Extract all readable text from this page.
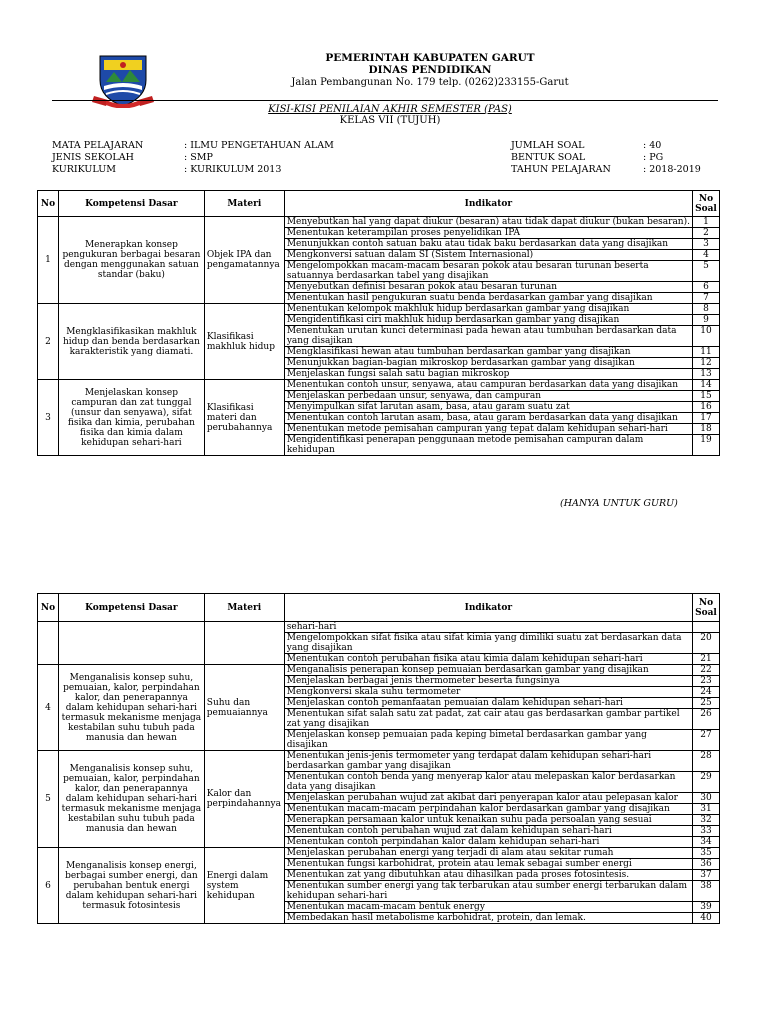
PEMERINTAH KABUPATEN GARUT
DINAS PENDIDIKAN
Jalan Pembangunan No. 179 telp. (0262)233155-Garut
KISI-KISI PENILAIAN AKHIR SEMESTER (PAS)
KELAS VII (TUJUH)
MATA PELAJARAN	: ILMU PENGETAHUAN ALAM
JENIS SEKOLAH	: SMP
KURIKULUM	: KURIKULUM 2013
JUMLAH SOAL	: 40
BENTUK SOAL	: PG
TAHUN PELAJARAN	: 2018-2019
No	Kompetensi Dasar	Materi	Indikator	No Soal
1	Menerapkan konsep pengukuran berbagai besaran dengan menggunakan satuan standar (baku)	Objek IPA dan pengamatannya	Menyebutkan hal yang dapat diukur (besaran) atau tidak dapat diukur (bukan besaran).	1
			Menentukan keterampilan proses penyelidikan IPA	2
			Menunjukkan contoh satuan baku atau tidak baku berdasarkan data yang disajikan	3
			Mengkonversi satuan dalam SI (Sistem Internasional)	4
			Mengelompokkan macam-macam besaran pokok atau besaran turunan beserta satuannya berdasarkan tabel yang disajikan	5
			Menyebutkan definisi besaran pokok atau besaran turunan	6
			Menentukan hasil pengukuran suatu benda berdasarkan gambar yang disajikan	7
2	Mengklasifikasikan makhluk hidup dan benda berdasarkan karakteristik yang diamati.	Klasifikasi makhluk hidup	Menentukan kelompok makhluk hidup berdasarkan gambar yang disajikan	8
			Mengidentifikasi ciri makhluk hidup berdasarkan gambar yang disajikan	9
			Menentukan urutan kunci determinasi pada hewan atau tumbuhan berdasarkan data yang disajikan	10
			Mengklasifikasi hewan atau tumbuhan berdasarkan gambar yang disajikan	11
			Menunjukkan bagian-bagian mikroskop berdasarkan gambar yang disajikan	12
			Menjelaskan fungsi salah satu bagian mikroskop	13
3	Menjelaskan konsep campuran dan zat tunggal (unsur dan senyawa), sifat fisika dan kimia, perubahan fisika dan kimia dalam kehidupan sehari-hari	Klasifikasi materi dan perubahannya	Menentukan contoh unsur, senyawa, atau campuran berdasarkan data yang disajikan	14
			Menjelaskan perbedaan unsur, senyawa, dan campuran	15
			Menyimpulkan sifat larutan asam, basa, atau garam suatu zat	16
			Menentukan contoh larutan asam, basa, atau garam berdasarkan data yang disajikan	17
			Menentukan metode pemisahan campuran yang tepat dalam kehidupan sehari-hari	18
			Mengidentifikasi penerapan penggunaan metode pemisahan campuran dalam kehidupan	19
(HANYA UNTUK GURU)
No	Kompetensi Dasar	Materi	Indikator	No Soal
			sehari-hari	
			Mengelompokkan sifat fisika atau sifat kimia yang dimiliki suatu zat berdasarkan data yang disajikan	20
			Menentukan contoh perubahan fisika atau kimia dalam kehidupan sehari-hari	21
4	Menganalisis konsep suhu, pemuaian, kalor, perpindahan kalor, dan penerapannya dalam kehidupan sehari-hari termasuk mekanisme menjaga kestabilan suhu tubuh pada manusia dan hewan	Suhu dan pemuaiannya	Menganalisis penerapan konsep pemuaian berdasarkan gambar yang disajikan	22
			Menjelaskan berbagai jenis thermometer beserta fungsinya	23
			Mengkonversi skala suhu termometer	24
			Menjelaskan contoh pemanfaatan pemuaian dalam kehidupan sehari-hari	25
			Menentukan sifat salah satu zat padat, zat cair atau gas berdasarkan gambar partikel zat yang disajikan	26
			Menjelaskan konsep pemuaian pada keping bimetal berdasarkan gambar yang disajikan	27
5	Menganalisis konsep suhu, pemuaian, kalor, perpindahan kalor, dan penerapannya dalam kehidupan sehari-hari termasuk mekanisme menjaga kestabilan suhu tubuh pada manusia dan hewan	Kalor dan perpindahannya	Menentukan jenis-jenis termometer yang terdapat dalam kehidupan sehari-hari berdasarkan gambar yang disajikan	28
			Menentukan contoh benda yang menyerap kalor atau melepaskan kalor berdasarkan data yang disajikan	29
			Menjelaskan perubahan wujud zat akibat dari penyerapan kalor atau pelepasan kalor	30
			Menentukan macam-macam perpindahan kalor berdasarkan gambar yang disajikan	31
			Menerapkan persamaan kalor untuk kenaikan suhu pada persoalan yang sesuai	32
			Menentukan contoh perubahan wujud zat dalam kehidupan sehari-hari	33
			Menentukan contoh perpindahan kalor dalam kehidupan sehari-hari	34
6	Menganalisis konsep energi, berbagai sumber energi, dan perubahan bentuk energi dalam kehidupan sehari-hari termasuk fotosintesis	Energi dalam system kehidupan	Menjelaskan perubahan energi yang terjadi di alam atau sekitar rumah	35
			Menentukan fungsi karbohidrat, protein atau lemak sebagai sumber energi	36
			Menentukan zat yang dibutuhkan atau dihasilkan pada proses fotosintesis.	37
			Menentukan sumber energi yang tak terbarukan atau sumber energi terbarukan dalam kehidupan sehari-hari	38
			Menentukan macam-macam bentuk energy	39
			Membedakan hasil metabolisme karbohidrat, protein, dan lemak.	40
